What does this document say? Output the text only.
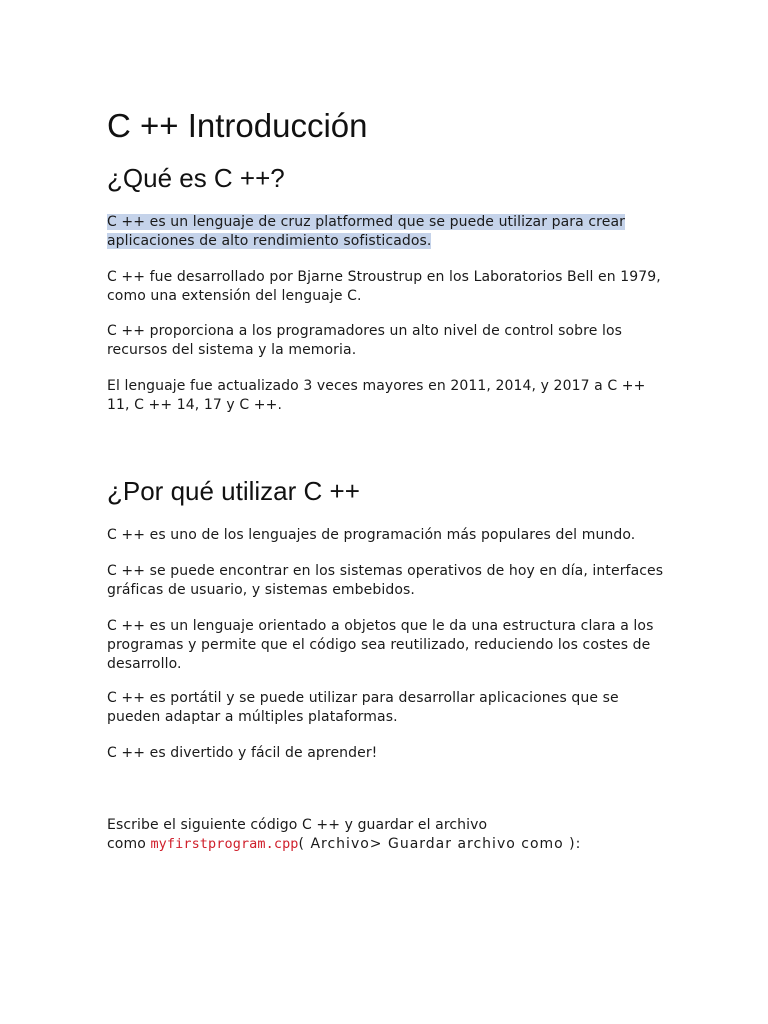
C ++ Introducción
¿Qué es C ++?

C ++ es un lenguaje de cruz platformed que se puede utilizar para crear aplicaciones de alto rendimiento sofisticados.

C ++ fue desarrollado por Bjarne Stroustrup en los Laboratorios Bell en 1979, como una extensión del lenguaje C.

C ++ proporciona a los programadores un alto nivel de control sobre los recursos del sistema y la memoria.

El lenguaje fue actualizado 3 veces mayores en 2011, 2014, y 2017 a C ++ 11, C ++ 14, 17 y C ++.

¿Por qué utilizar C ++

C ++ es uno de los lenguajes de programación más populares del mundo.

C ++ se puede encontrar en los sistemas operativos de hoy en día, interfaces gráficas de usuario, y sistemas embebidos.

C ++ es un lenguaje orientado a objetos que le da una estructura clara a los programas y permite que el código sea reutilizado, reduciendo los costes de desarrollo.

C ++ es portátil y se puede utilizar para desarrollar aplicaciones que se pueden adaptar a múltiples plataformas.

C ++ es divertido y fácil de aprender!

Escribe el siguiente código C ++ y guardar el archivo
como myfirstprogram.cpp( Archivo> Guardar archivo como ):
